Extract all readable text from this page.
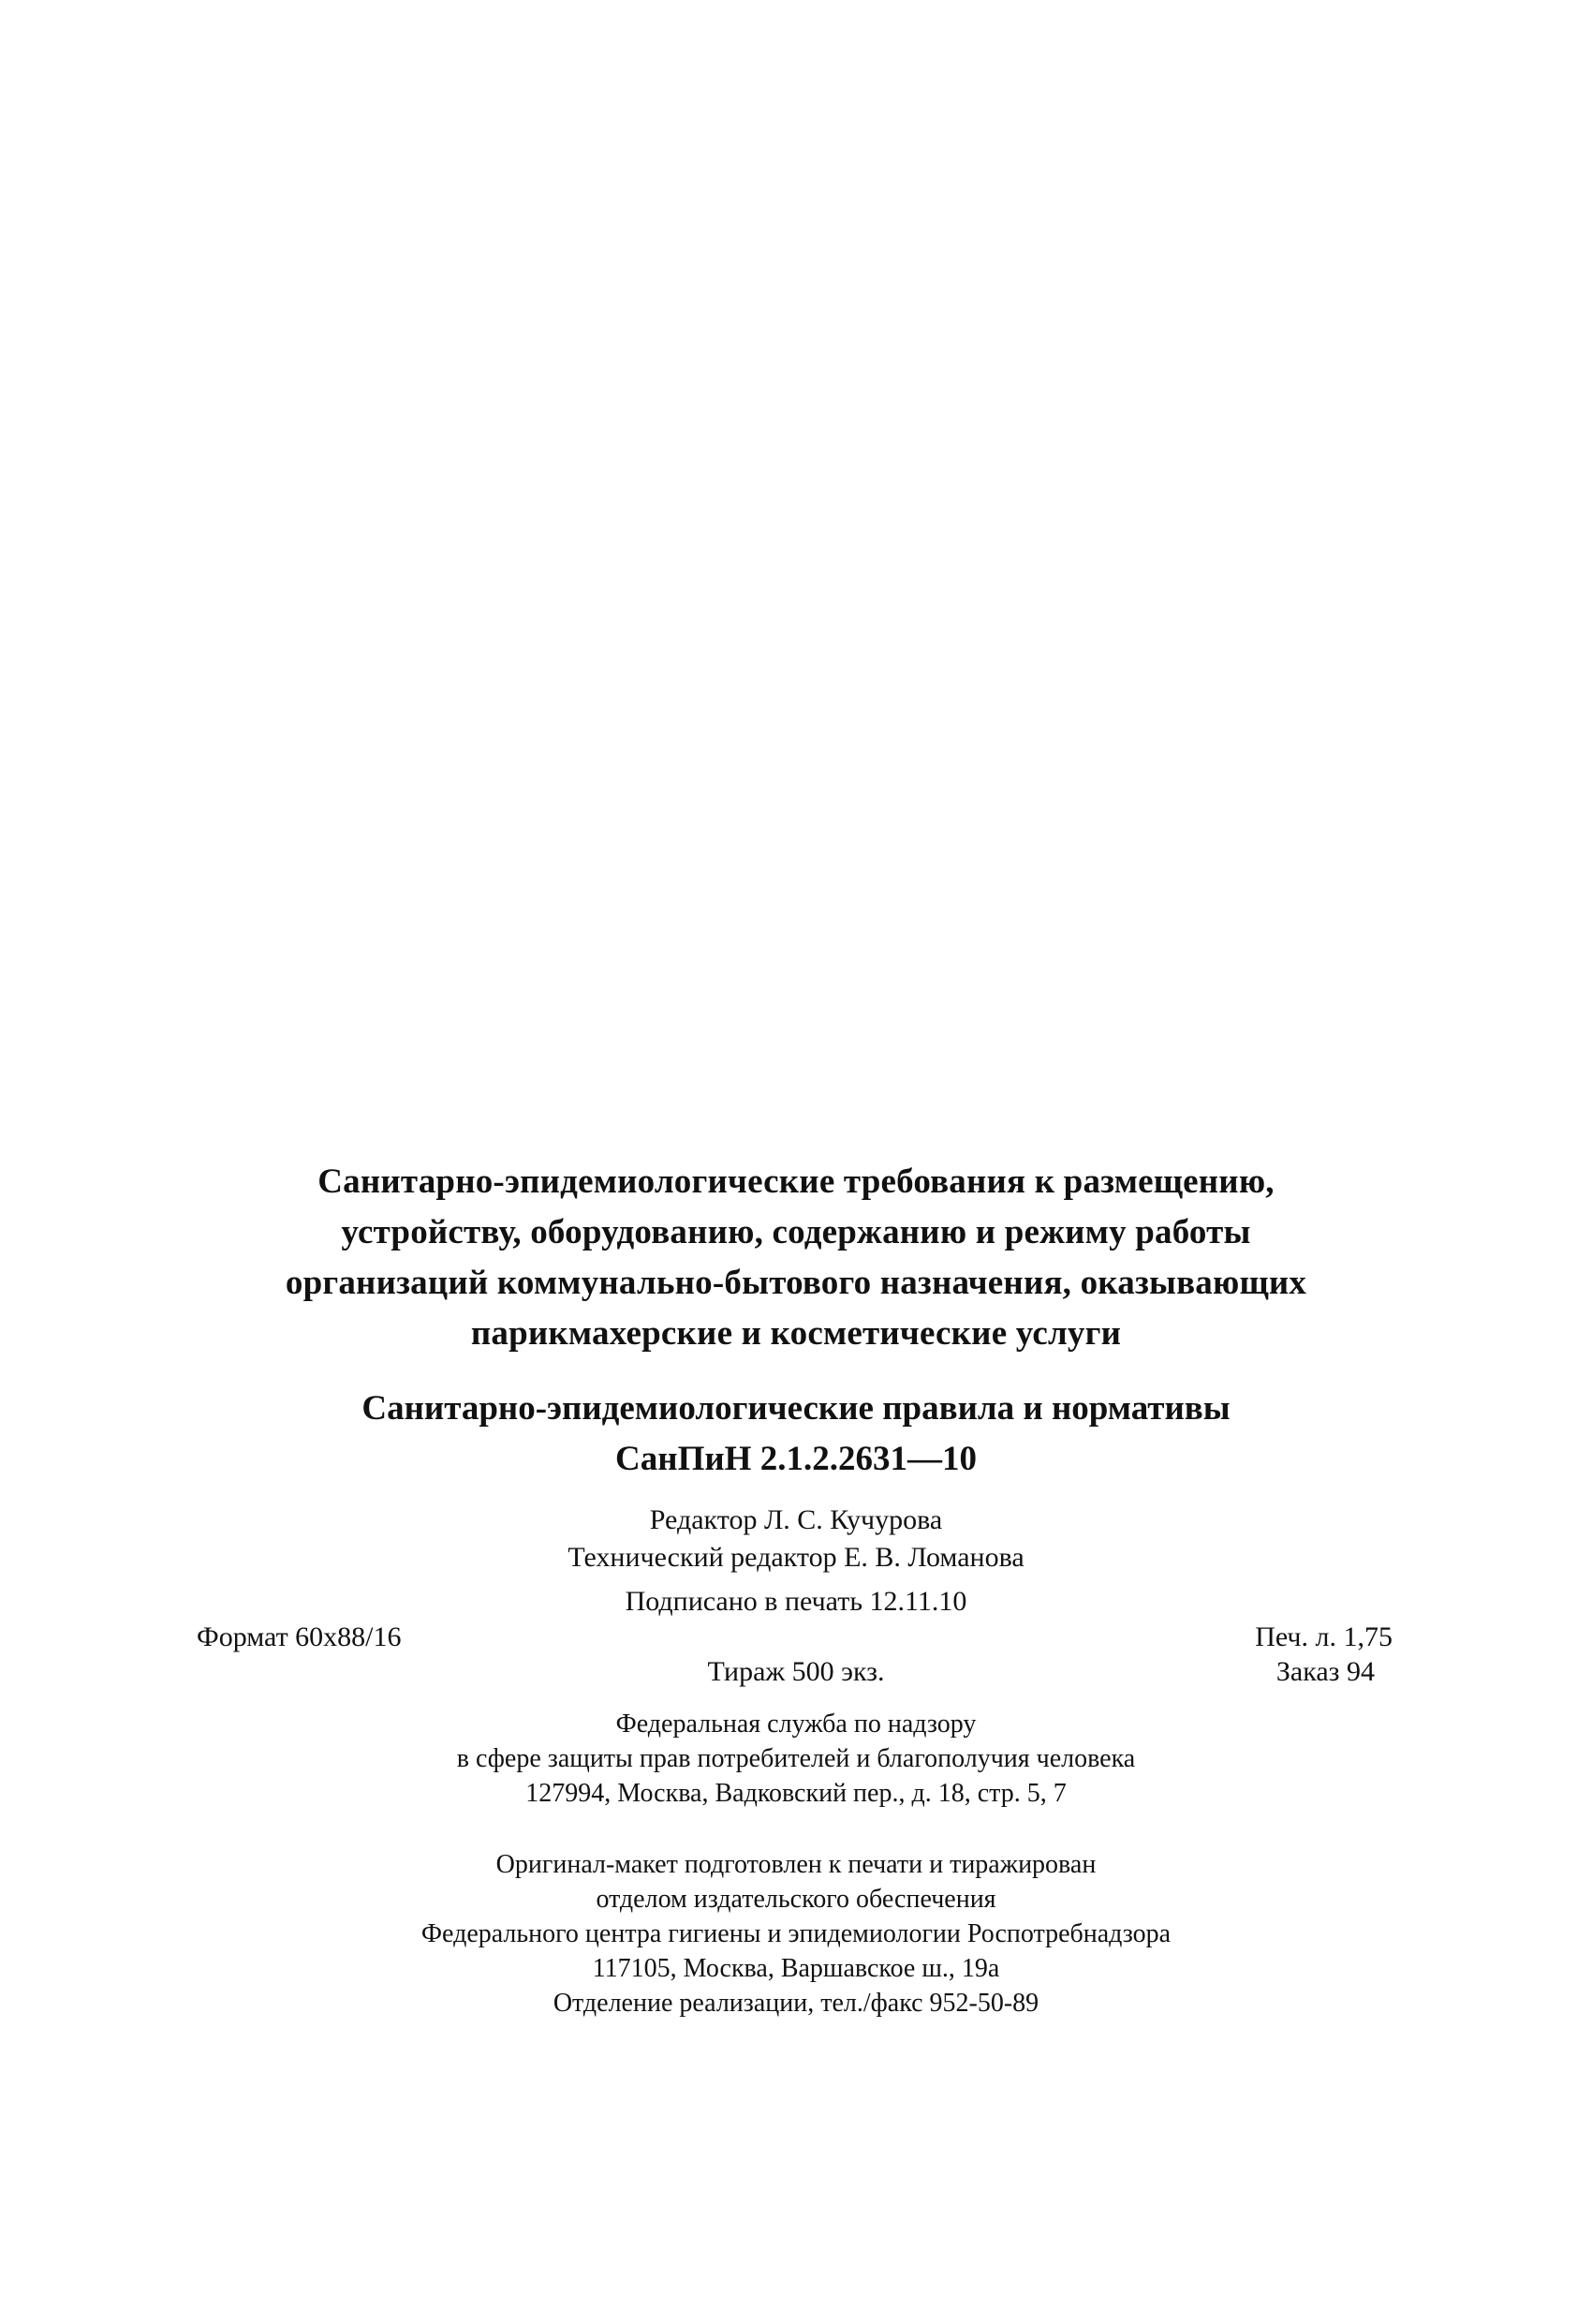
Санитарно-эпидемиологические требования к размещению,
устройству, оборудованию, содержанию и режиму работы
организаций коммунально-бытового назначения, оказывающих
парикмахерские и косметические услуги
Санитарно-эпидемиологические правила и нормативы
СанПиН 2.1.2.2631—10
Редактор Л. С. Кучурова
Технический редактор Е. В. Ломанова
Подписано в печать 12.11.10
Формат 60x88/16	Печ. л. 1,75
Тираж 500 экз.	Заказ 94
Федеральная служба по надзору
в сфере защиты прав потребителей и благополучия человека
127994, Москва, Вадковский пер., д. 18, стр. 5, 7
Оригинал-макет подготовлен к печати и тиражирован
отделом издательского обеспечения
Федерального центра гигиены и эпидемиологии Роспотребнадзора
117105, Москва, Варшавское ш., 19а
Отделение реализации, тел./факс 952-50-89
